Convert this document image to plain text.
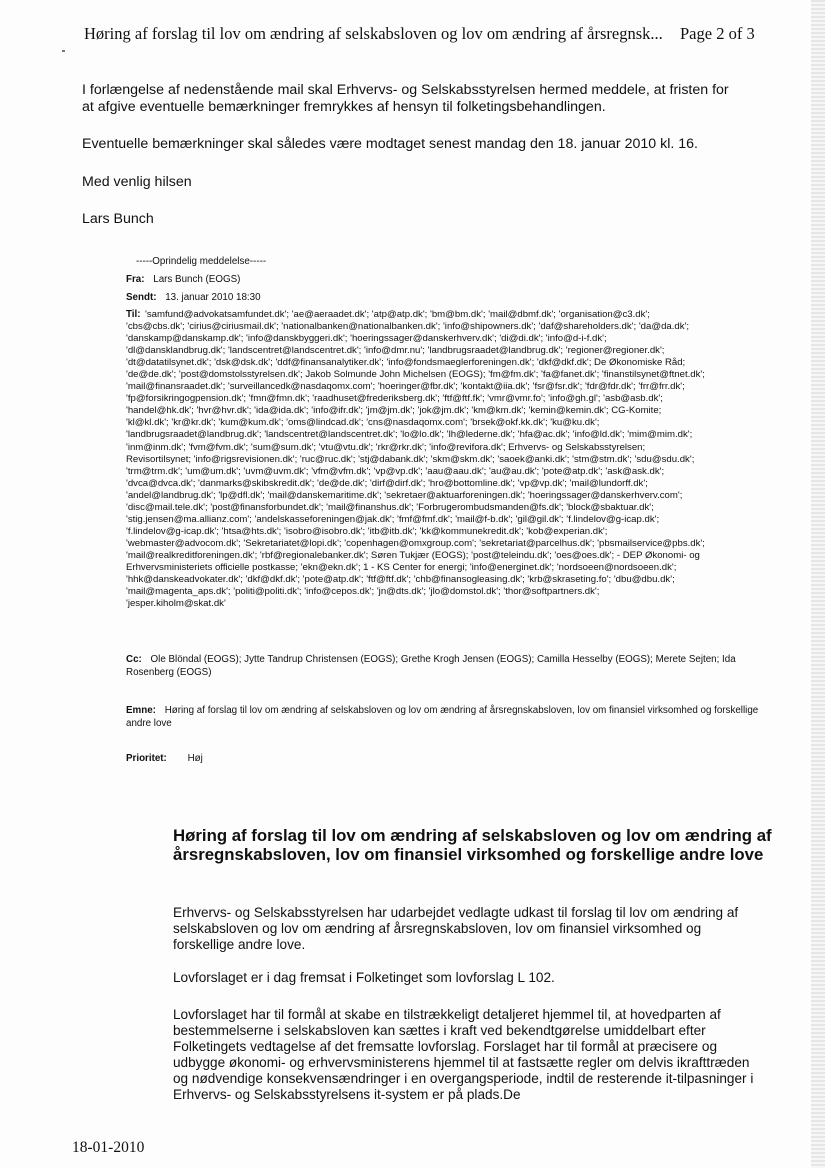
Høring af forslag til lov om ændring af selskabsloven og lov om ændring af årsregnsk... Page 2 of 3
I forlængelse af nedenstående mail skal Erhvervs- og Selskabsstyrelsen hermed meddele, at fristen for at afgive eventuelle bemærkninger fremrykkes af hensyn til folketingsbehandlingen.
Eventuelle bemærkninger skal således være modtaget senest mandag den 18. januar 2010 kl. 16.
Med venlig hilsen
Lars Bunch
-----Oprindelig meddelelse-----
Fra: Lars Bunch (EOGS)
Sendt: 13. januar 2010 18:30
Til: 'samfund@advokatsamfundet.dk'; 'ae@aeraadet.dk'; 'atp@atp.dk'; 'bm@bm.dk'; 'mail@dbmf.dk'; 'organisation@c3.dk';
'cbs@cbs.dk'; 'cirius@ciriusmail.dk'; 'nationalbanken@nationalbanken.dk'; 'info@shipowners.dk'; 'daf@shareholders.dk'; 'da@da.dk';
'danskamp@danskamp.dk'; 'info@danskbyggeri.dk'; 'hoeringssager@danskerhverv.dk'; 'di@di.dk'; 'info@d-i-f.dk';
'dl@dansklandbrug.dk'; 'landscentret@landscentret.dk'; 'info@dmr.nu'; 'landbrugsraadet@landbrug.dk'; 'regioner@regioner.dk';
'dt@datatilsynet.dk'; 'dsk@dsk.dk'; 'ddf@finansanalytiker.dk'; 'info@fondsmaeglerforeningen.dk'; 'dkf@dkf.dk'; De Økonomiske Råd;
'de@de.dk'; 'post@domstolsstyrelsen.dk'; Jakob Solmunde John Michelsen (EOGS); 'fm@fm.dk'; 'fa@fanet.dk'; 'finanstilsynet@ftnet.dk';
'mail@finansraadet.dk'; 'surveillancedk@nasdaqomx.com'; 'hoeringer@fbr.dk'; 'kontakt@iia.dk'; 'fsr@fsr.dk'; 'fdr@fdr.dk'; 'frr@frr.dk';
'fp@forsikringogpension.dk'; 'fmn@fmn.dk'; 'raadhuset@frederiksberg.dk'; 'ftf@ftf.fk'; 'vmr@vmr.fo'; 'info@gh.gl'; 'asb@asb.dk';
'handel@hk.dk'; 'hvr@hvr.dk'; 'ida@ida.dk'; 'info@ifr.dk'; 'jm@jm.dk'; 'jok@jm.dk'; 'km@km.dk'; 'kemin@kemin.dk'; CG-Komite;
'kl@kl.dk'; 'kr@kr.dk'; 'kum@kum.dk'; 'oms@lindcad.dk'; 'cns@nasdaqomx.com'; 'brsek@okf.kk.dk'; 'ku@ku.dk';
'landbrugsraadet@landbrug.dk'; 'landscentret@landscentret.dk'; 'lo@lo.dk'; 'lh@lederne.dk'; 'hfa@ac.dk'; 'info@ld.dk'; 'mim@mim.dk';
'inm@inm.dk'; 'fvm@fvm.dk'; 'sum@sum.dk'; 'vtu@vtu.dk'; 'rkr@rkr.dk'; 'info@revifora.dk'; Erhvervs- og Selskabsstyrelsen;
Revisortilsynet; 'info@rigsrevisionen.dk'; 'ruc@ruc.dk'; 'stj@dabank.dk'; 'skm@skm.dk'; 'saoek@anki.dk'; 'stm@stm.dk'; 'sdu@sdu.dk';
'trm@trm.dk'; 'um@um.dk'; 'uvm@uvm.dk'; 'vfm@vfm.dk'; 'vp@vp.dk'; 'aau@aau.dk'; 'au@au.dk'; 'pote@atp.dk'; 'ask@ask.dk';
'dvca@dvca.dk'; 'danmarks@skibskredit.dk'; 'de@de.dk'; 'dirf@dirf.dk'; 'hro@bottomline.dk'; 'vp@vp.dk'; 'mail@lundorff.dk';
'andel@landbrug.dk'; 'lp@dfl.dk'; 'mail@danskemaritime.dk'; 'sekretaer@aktuarforeningen.dk'; 'hoeringssager@danskerhverv.com';
'disc@mail.tele.dk'; 'post@finansforbundet.dk'; 'mail@finanshus.dk'; 'Forbrugerombudsmanden@fs.dk'; 'block@sbaktuar.dk';
'stig.jensen@ma.allianz.com'; 'andelskasseforeningen@jak.dk'; 'fmf@fmf.dk'; 'mail@f-b.dk'; 'gil@gil.dk'; 'f.lindelov@g-icap.dk';
'f.lindelov@g-icap.dk'; 'htsa@hts.dk'; 'isobro@isobro.dk'; 'itb@itb.dk'; 'kk@kommunekredit.dk'; 'kob@experian.dk';
'webmaster@advocom.dk'; 'Sekretariatet@lopi.dk'; 'copenhagen@omxgroup.com'; 'sekretariat@parcelhus.dk'; 'pbsmailservice@pbs.dk';
'mail@realkreditforeningen.dk'; 'rbf@regionalebanker.dk'; Søren Tukjær (EOGS); 'post@teleindu.dk'; 'oes@oes.dk'; - DEP Økonomi- og
Erhvervsministeriets officielle postkasse; 'ekn@ekn.dk'; 1 - KS Center for energi; 'info@energinet.dk'; 'nordsoeen@nordsoeen.dk';
'hhk@danskeadvokater.dk'; 'dkf@dkf.dk'; 'pote@atp.dk'; 'ftf@ftf.dk'; 'chb@finansogleasing.dk'; 'krb@skraseting.fo'; 'dbu@dbu.dk';
'mail@magenta_aps.dk'; 'politi@politi.dk'; 'info@cepos.dk'; 'jn@dts.dk'; 'jlo@domstol.dk'; 'thor@softpartners.dk';
'jesper.kiholm@skat.dk'
Cc: Ole Blöndal (EOGS); Jytte Tandrup Christensen (EOGS); Grethe Krogh Jensen (EOGS); Camilla Hesselby (EOGS); Merete Sejten; Ida Rosenberg (EOGS)
Emne: Høring af forslag til lov om ændring af selskabsloven og lov om ændring af årsregnskabsloven, lov om finansiel virksomhed og forskellige andre love
Prioritet: Høj
Høring af forslag til lov om ændring af selskabsloven og lov om ændring af årsregnskabsloven, lov om finansiel virksomhed og forskellige andre love
Erhvervs- og Selskabsstyrelsen har udarbejdet vedlagte udkast til forslag til lov om ændring af selskabsloven og lov om ændring af årsregnskabsloven, lov om finansiel virksomhed og forskellige andre love.
Lovforslaget er i dag fremsat i Folketinget som lovforslag L 102.
Lovforslaget har til formål at skabe en tilstrækkeligt detaljeret hjemmel til, at hovedparten af bestemmelserne i selskabsloven kan sættes i kraft ved bekendtgørelse umiddelbart efter Folketingets vedtagelse af det fremsatte lovforslag. Forslaget har til formål at præcisere og udbygge økonomi- og erhvervsministerens hjemmel til at fastsætte regler om delvis ikrafttræden og nødvendige konsekvensændringer i en overgangsperiode, indtil de resterende it-tilpasninger i Erhvervs- og Selskabsstyrelsens it-system er på plads.De
18-01-2010
